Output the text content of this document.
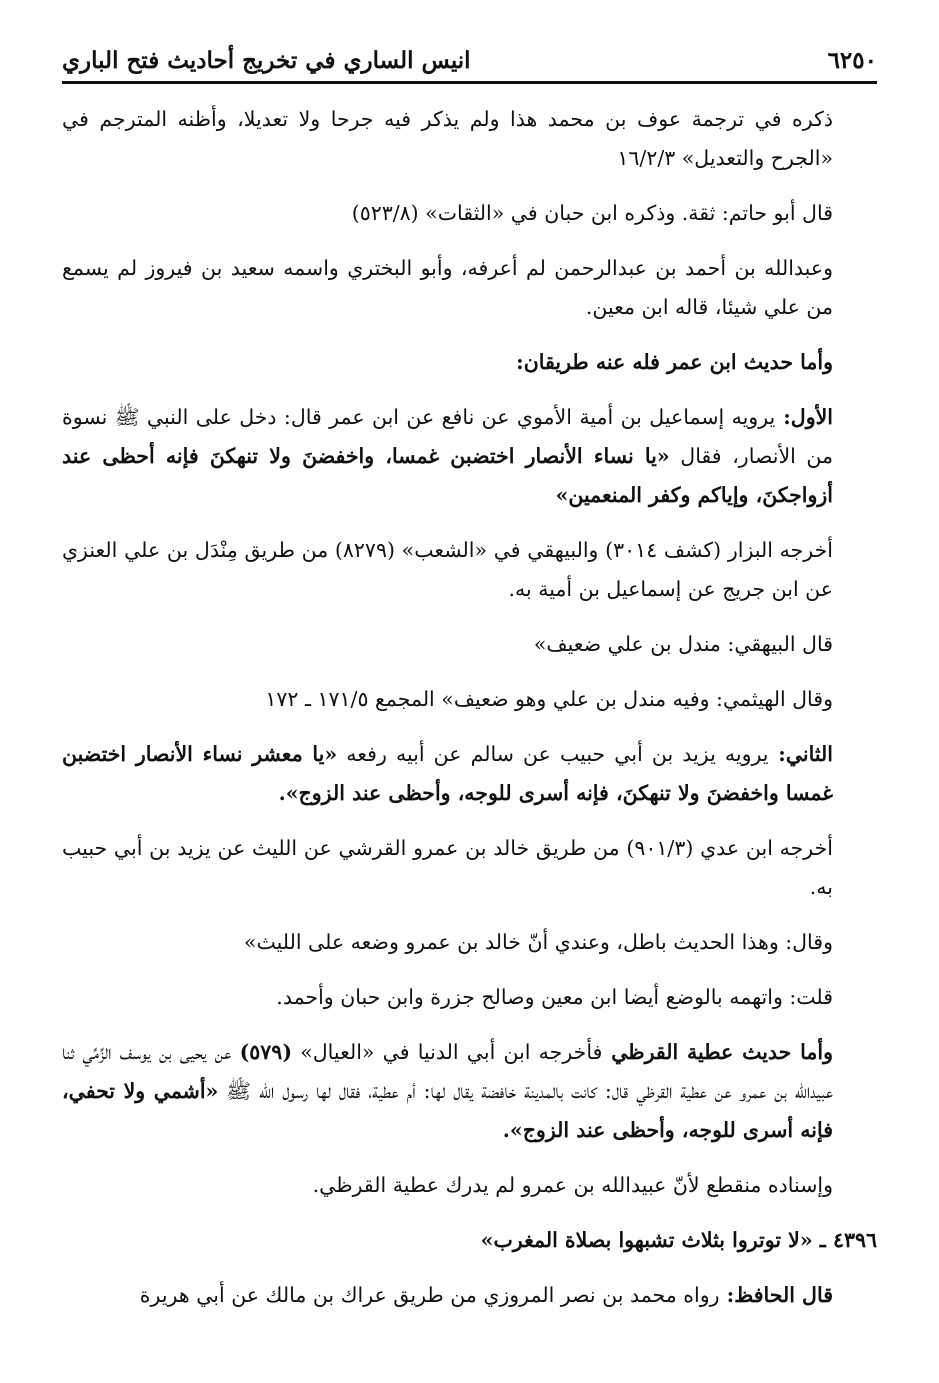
٦٢٥٠
انيس الساري في تخريج أحاديث فتح الباري

ذكره في ترجمة عوف بن محمد هذا ولم يذكر فيه جرحا ولا تعديلا، وأظنه المترجم في «الجرح والتعديل» ١٦/٢/٣

قال أبو حاتم: ثقة. وذكره ابن حبان في «الثقات» (٥٢٣/٨)

وعبدالله بن أحمد بن عبدالرحمن لم أعرفه، وأبو البختري واسمه سعيد بن فيروز لم يسمع من علي شيئا، قاله ابن معين.

وأما حديث ابن عمر فله عنه طريقان:

الأول: يرويه إسماعيل بن أمية الأموي عن نافع عن ابن عمر قال: دخل على النبي ﷺ نسوة من الأنصار، فقال «يا نساء الأنصار اختضبن غمسا، واخفضنَ ولا تنهكنَ فإنه أحظى عند أزواجكنَ، وإياكم وكفر المنعمين»

أخرجه البزار (كشف ٣٠١٤) والبيهقي في «الشعب» (٨٢٧٩) من طريق مِنْدَل بن علي العنزي عن ابن جريج عن إسماعيل بن أمية به.

قال البيهقي: مندل بن علي ضعيف»

وقال الهيثمي: وفيه مندل بن علي وهو ضعيف» المجمع ١٧١/٥ ـ ١٧٢

الثاني: يرويه يزيد بن أبي حبيب عن سالم عن أبيه رفعه «يا معشر نساء الأنصار اختضبن غمسا واخفضنَ ولا تنهكنَ، فإنه أسرى للوجه، وأحظى عند الزوج».

أخرجه ابن عدي (٩٠١/٣) من طريق خالد بن عمرو القرشي عن الليث عن يزيد بن أبي حبيب به.

وقال: وهذا الحديث باطل، وعندي أنّ خالد بن عمرو وضعه على الليث»

قلت: واتهمه بالوضع أيضا ابن معين وصالح جزرة وابن حبان وأحمد.

وأما حديث عطية القرظي فأخرجه ابن أبي الدنيا في «العيال» (٥٧٩) عن يحيى بن يوسف الزِّمِّي ثنا عبيدالله بن عمرو عن عطية القرظي قال: كانت بالمدينة خافضة يقال لها: أم عطية، فقال لها رسول الله ﷺ «أشمي ولا تحفي، فإنه أسرى للوجه، وأحظى عند الزوج».

وإسناده منقطع لأنّ عبيدالله بن عمرو لم يدرك عطية القرظي.

٤٣٩٦ ـ «لا توتروا بثلاث تشبهوا بصلاة المغرب»

قال الحافظ: رواه محمد بن نصر المروزي من طريق عراك بن مالك عن أبي هريرة
